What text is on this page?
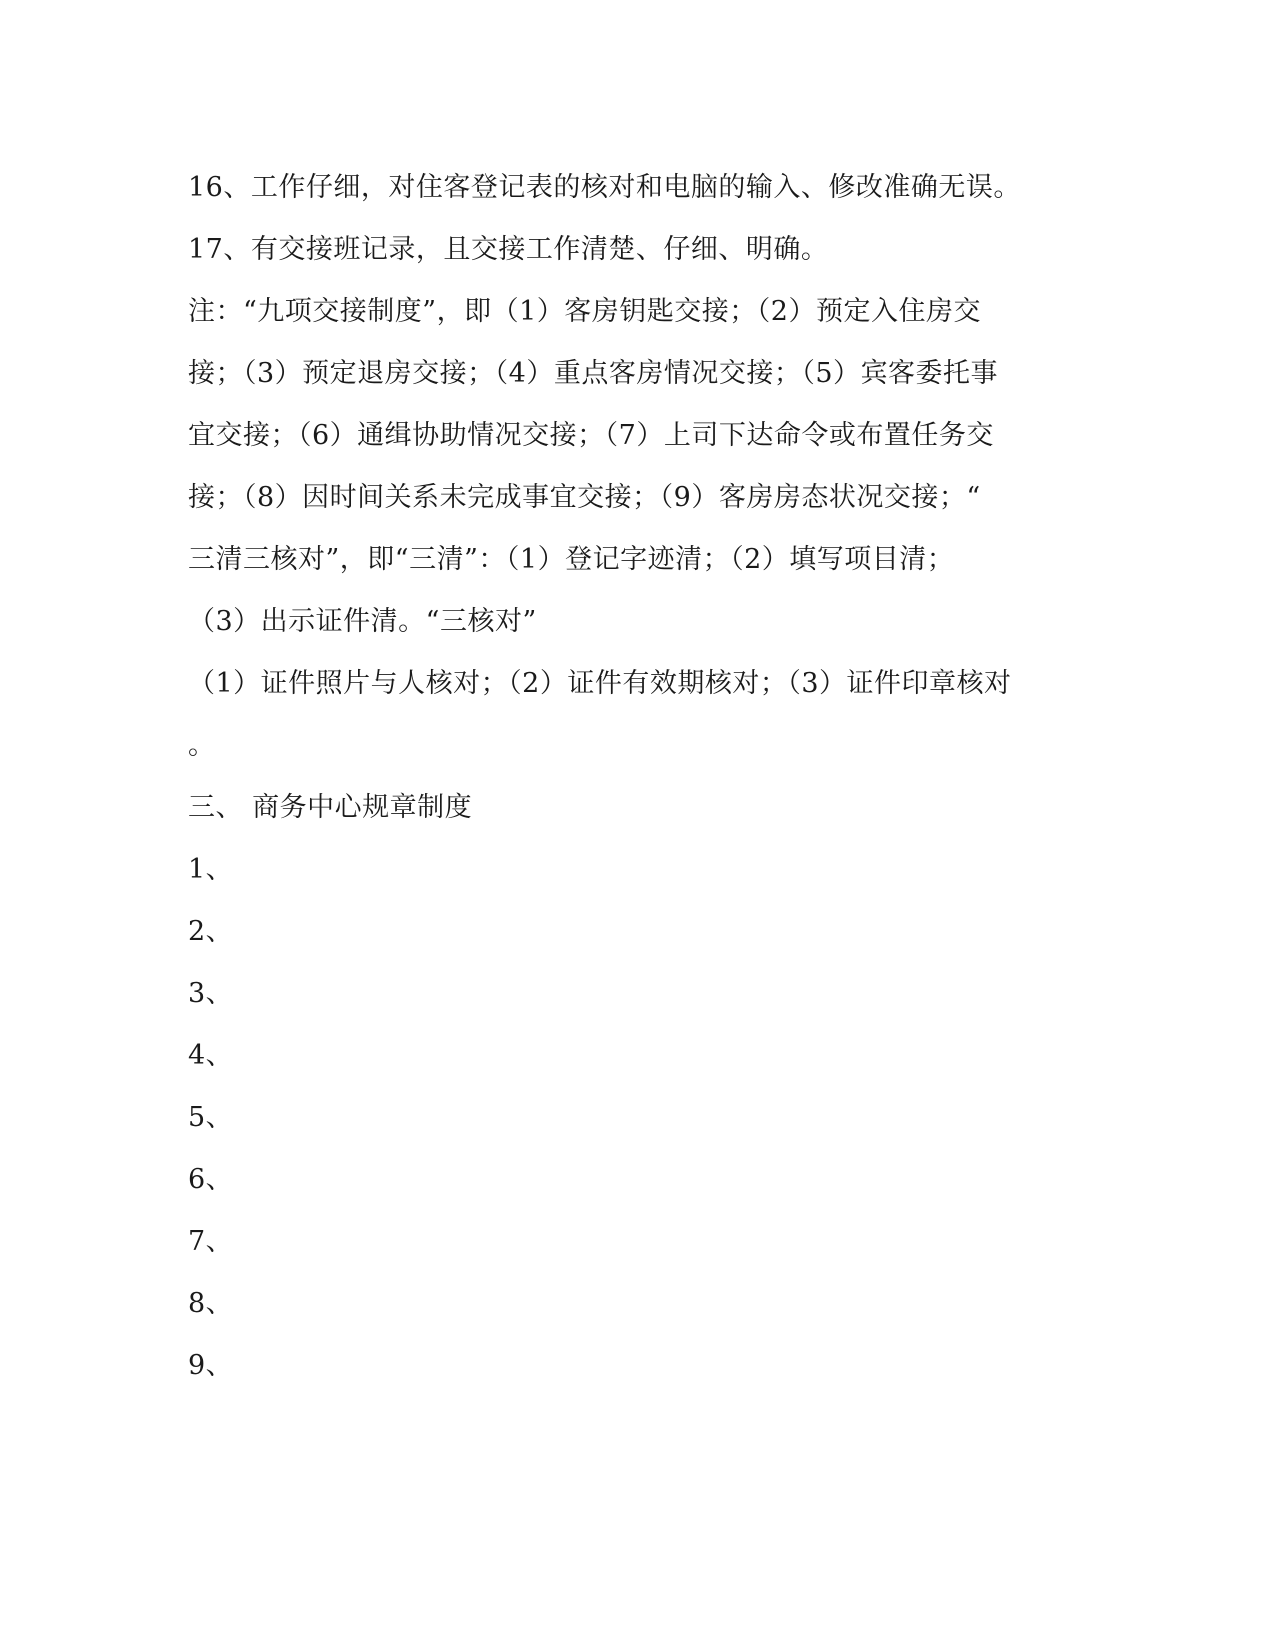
16、工作仔细，对住客登记表的核对和电脑的输入、修改准确无误。
17、有交接班记录，且交接工作清楚、仔细、明确。
注：“九项交接制度”，即（1）客房钥匙交接；（2）预定入住房交
接；（3）预定退房交接；（4）重点客房情况交接；（5）宾客委托事
宜交接；（6）通缉协助情况交接；（7）上司下达命令或布置任务交
接；（8）因时间关系未完成事宜交接；（9）客房房态状况交接；“
三清三核对”，即“三清”：（1）登记字迹清；（2）填写项目清；
（3）出示证件清。“三核对”
（1）证件照片与人核对；（2）证件有效期核对；（3）证件印章核对
。
三、 商务中心规章制度
1、
2、
3、
4、
5、
6、
7、
8、
9、
